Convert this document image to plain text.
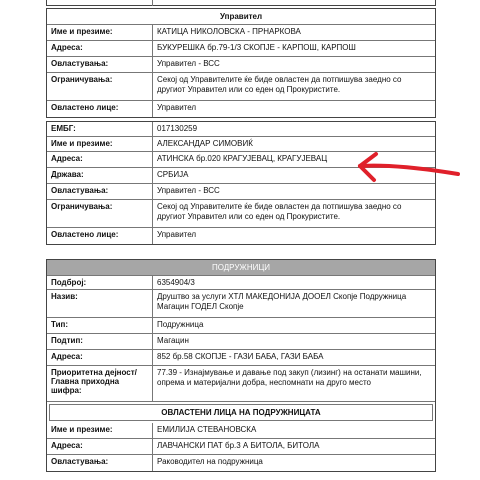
Управител
Име и презиме:	КАТИЦА НИКОЛОВСКА - ПРНАРКОВА
Адреса:	БУКУРЕШКА бр.79-1/3 СКОПЈЕ - КАРПОШ, КАРПОШ
Овластувања:	Управител - ВСС
Ограничувања:	Секој од Управителите ќе биде овластен да потпишува заедно со другиот Управител или со еден од Прокуристите.
Овластено лице:	Управител
ЕМБГ:	017130259
Име и презиме:	АЛЕКСАНДАР СИМОВИЌ
Адреса:	АТИНСКА бр.020 КРАГУЈЕВАЦ, КРАГУЈЕВАЦ
Држава:	СРБИЈА
Овластувања:	Управител - ВСС
Ограничувања:	Секој од Управителите ќе биде овластен да потпишува заедно со другиот Управител или со еден од Прокуристите.
Овластено лице:	Управител
ПОДРУЖНИЦИ
Подброј:	6354904/3
Назив:	Друштво за услуги ХТЛ МАКЕДОНИЈА ДООЕЛ Скопје Подружница Магацин ГОДЕЛ Скопје
Тип:	Подружница
Подтип:	Магацин
Адреса:	852 бр.58 СКОПЈЕ - ГАЗИ БАБА, ГАЗИ БАБА
Приоритетна дејност/ Главна приходна шифра:
77.39 - Изнајмување и давање под закуп (лизинг) на останати машини, опрема и материјални добра, неспомнати на друго место
ОВЛАСТЕНИ ЛИЦА НА ПОДРУЖНИЦАТА
Име и презиме:	ЕМИЛИЈА СТЕВАНОВСКА
Адреса:	ЛАВЧАНСКИ ПАТ бр.3 А БИТОЛА, БИТОЛА
Овластувања:	Раководител на подружница
